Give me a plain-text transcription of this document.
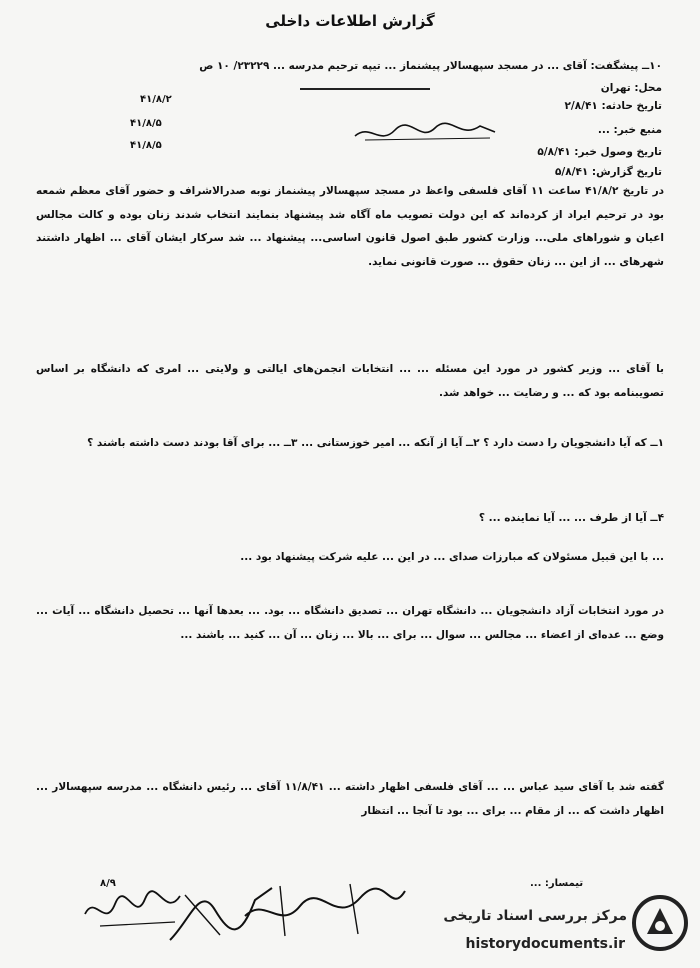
گزارش اطلاعات داخلی
۱۰ــ پیشگفت: آقای ... در مسجد سپهسالار پیشنماز ... تیپه ترحیم مدرسه ... ۲۳۲۲۹/ ۱۰ ص‌
محل: تهران
تاریخ حادثه: ۲/۸/۴۱
منبع خبر: ...
تاریخ وصول خبر: ۵/۸/۴۱
تاریخ گزارش: ۵/۸/۴۱
۴۱/۸/۲
۴۱/۸/۵
۴۱/۸/۵
در تاریخ ۴۱/۸/۲ ساعت ۱۱ آقای فلسفی واعظ در مسجد سپهسالار پیشنماز نوبه صدرالاشراف و حضور آقای معظم شمعه بود در ترحیم ایراد از کرده‌اند که این دولت تصویب ماه آگاه شد پیشنهاد بنمایند انتخاب شدند زنان بوده و کالت مجالس اعیان و شوراهای ملی... وزارت کشور طبق اصول قانون اساسی... پیشنهاد ... شد سرکار ایشان آقای ... اظهار داشتند شهرهای ... از این ... زنان حقوق ... صورت قانونی نماید.
با آقای ... وزیر کشور در مورد این مسئله ... ... انتخابات انجمن‌های ایالتی و ولایتی ... امری که دانشگاه بر اساس تصویبنامه بود که ... و رضایت ... خواهد شد.
۱ــ که آیا دانشجویان را دست دارد ؟ ۲ــ آیا از آنکه ... امیر خوزستانی ... ۳ــ ... برای آقا بودند دست داشته باشند ؟
۴ــ آیا از طرف ... ... آیا نماینده ... ؟
... با این قبیل مسئولان که مبارزات صدای ... در این ... علیه شرکت پیشنهاد بود ...
در مورد انتخابات آزاد دانشجویان ... دانشگاه تهران ... تصدیق دانشگاه ... بود. ... بعدها آنها ... تحصیل دانشگاه ... آیات ... وضع ... عده‌ای از اعضاء ... مجالس ... سوال ... برای ... بالا ... زنان ... آن ... کنید ... باشند ...
گفته شد با آقای سید عباس ... ... آقای فلسفی اظهار داشته ... ۱۱/۸/۴۱ آقای ... رئیس دانشگاه ... مدرسه سپهسالار ... اظهار داشت که ... از مقام ... برای ... بود تا آنجا ... انتظار
تیمسار: ...
۸/۹
مرکز بررسی اسناد تاریخی
historydocuments.ir
